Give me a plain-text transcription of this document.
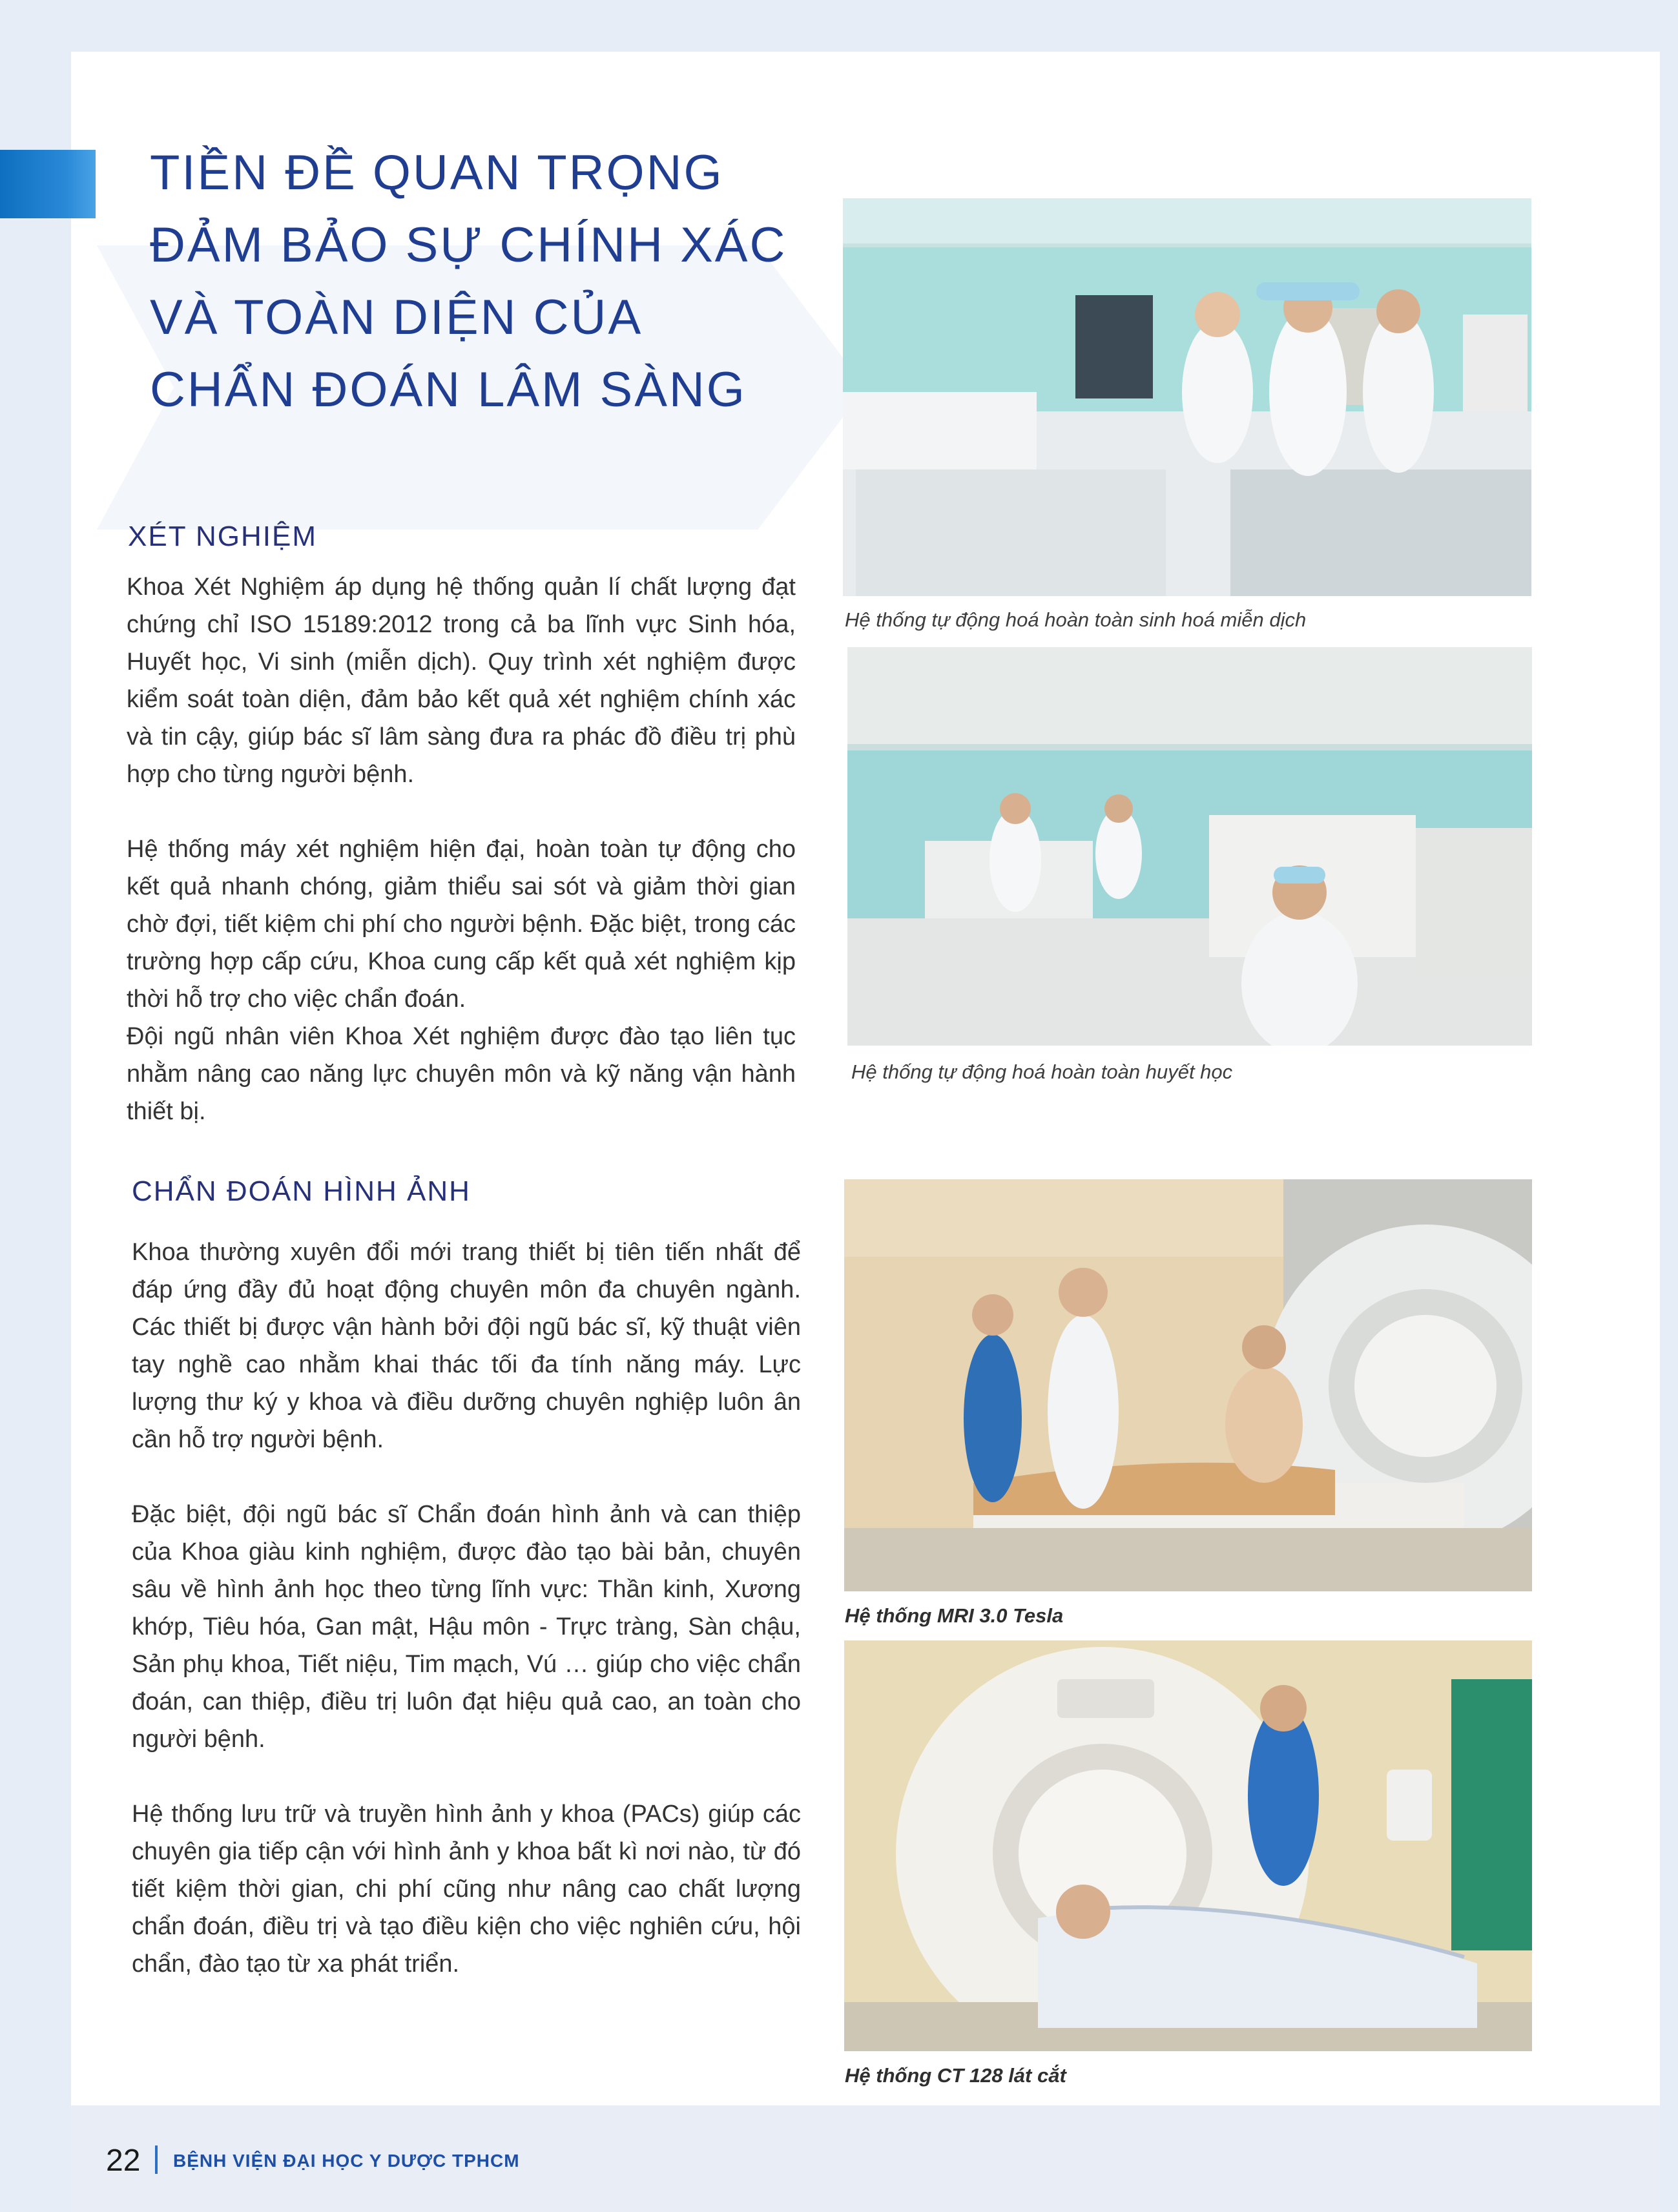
TIỀN ĐỀ QUAN TRỌNG
ĐẢM BẢO SỰ CHÍNH XÁC
VÀ TOÀN DIỆN CỦA
CHẨN ĐOÁN LÂM SÀNG
XÉT NGHIỆM

Khoa Xét Nghiệm áp dụng hệ thống quản lí chất lượng đạt chứng chỉ ISO 15189:2012 trong cả ba lĩnh vực Sinh hóa, Huyết học, Vi sinh (miễn dịch). Quy trình xét nghiệm được kiểm soát toàn diện, đảm bảo kết quả xét nghiệm chính xác và tin cậy, giúp bác sĩ lâm sàng đưa ra phác đồ điều trị phù hợp cho từng người bệnh.

Hệ thống máy xét nghiệm hiện đại, hoàn toàn tự động cho kết quả nhanh chóng, giảm thiểu sai sót và giảm thời gian chờ đợi, tiết kiệm chi phí cho người bệnh. Đặc biệt, trong các trường hợp cấp cứu, Khoa cung cấp kết quả xét nghiệm kịp thời hỗ trợ cho việc chẩn đoán.

Đội ngũ nhân viên Khoa Xét nghiệm được đào tạo liên tục nhằm nâng cao năng lực chuyên môn và kỹ năng vận hành thiết bị.

Hệ thống tự động hoá hoàn toàn sinh hoá miễn dịch
Hệ thống tự động hoá hoàn toàn huyết học
CHẨN ĐOÁN HÌNH ẢNH

Khoa thường xuyên đổi mới trang thiết bị tiên tiến nhất để đáp ứng đầy đủ hoạt động chuyên môn đa chuyên ngành. Các thiết bị được vận hành bởi đội ngũ bác sĩ, kỹ thuật viên tay nghề cao nhằm khai thác tối đa tính năng máy. Lực lượng thư ký y khoa và điều dưỡng chuyên nghiệp luôn ân cần hỗ trợ người bệnh.

Đặc biệt, đội ngũ bác sĩ Chẩn đoán hình ảnh và can thiệp của Khoa giàu kinh nghiệm, được đào tạo bài bản, chuyên sâu về hình ảnh học theo từng lĩnh vực: Thần kinh, Xương khớp, Tiêu hóa, Gan mật, Hậu môn - Trực tràng, Sàn chậu, Sản phụ khoa, Tiết niệu, Tim mạch, Vú … giúp cho việc chẩn đoán, can thiệp, điều trị luôn đạt hiệu quả cao, an toàn cho người bệnh.

Hệ thống lưu trữ và truyền hình ảnh y khoa (PACs) giúp các chuyên gia tiếp cận với hình ảnh y khoa bất kì nơi nào, từ đó tiết kiệm thời gian, chi phí cũng như nâng cao chất lượng chẩn đoán, điều trị và tạo điều kiện cho việc nghiên cứu, hội chẩn, đào tạo từ xa phát triển.

Hệ thống MRI 3.0 Tesla
Hệ thống CT 128 lát cắt
22 BỆNH VIỆN ĐẠI HỌC Y DƯỢC TPHCM
